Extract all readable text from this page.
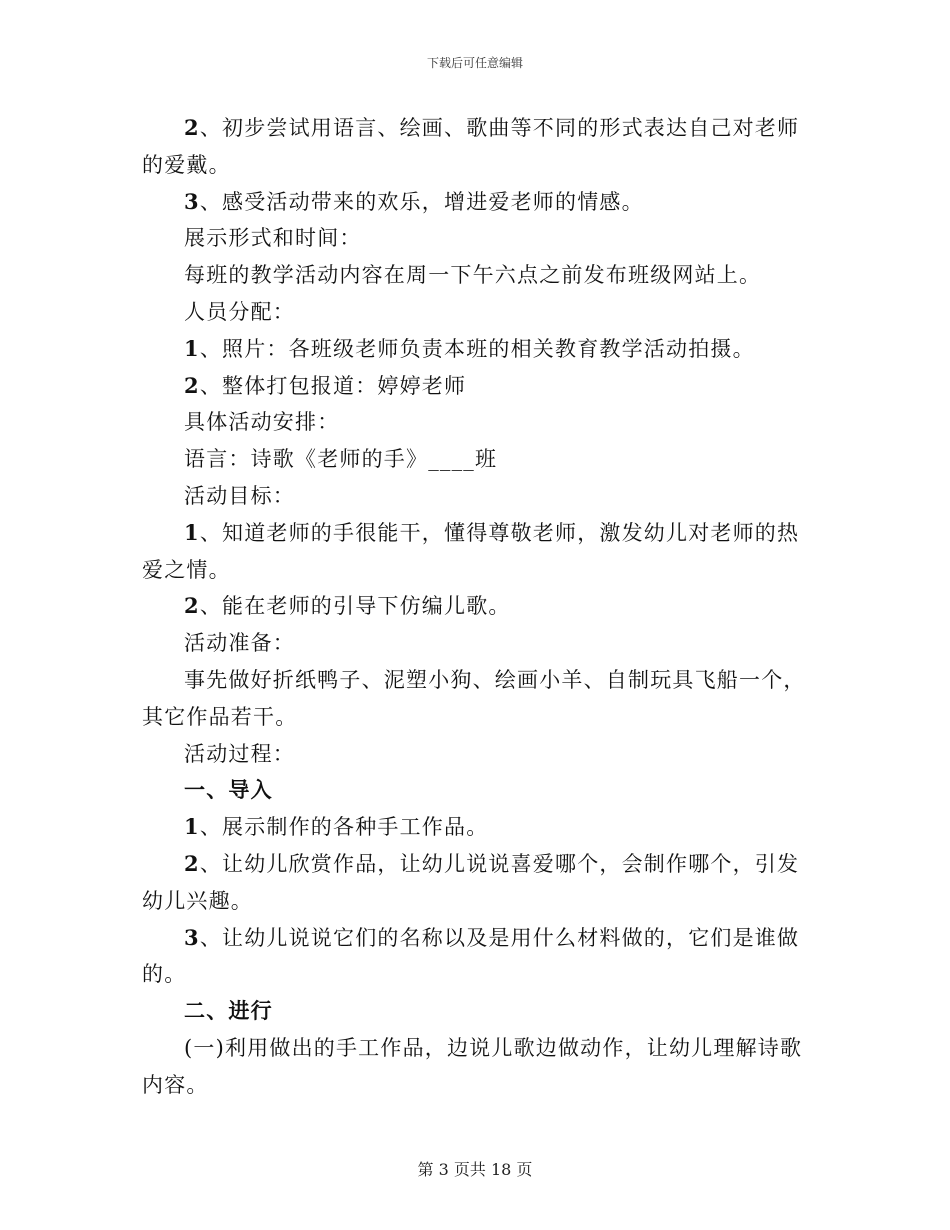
下载后可任意编辑

2、初步尝试用语言、绘画、歌曲等不同的形式表达自己对老师的爱戴。

3、感受活动带来的欢乐，增进爱老师的情感。

展示形式和时间：

每班的教学活动内容在周一下午六点之前发布班级网站上。

人员分配：

1、照片：各班级老师负责本班的相关教育教学活动拍摄。

2、整体打包报道：婷婷老师

具体活动安排：

语言：诗歌《老师的手》____班

活动目标：

1、知道老师的手很能干，懂得尊敬老师，激发幼儿对老师的热爱之情。

2、能在老师的引导下仿编儿歌。

活动准备：

事先做好折纸鸭子、泥塑小狗、绘画小羊、自制玩具飞船一个，其它作品若干。

活动过程：

一、导入

1、展示制作的各种手工作品。

2、让幼儿欣赏作品，让幼儿说说喜爱哪个，会制作哪个，引发幼儿兴趣。

3、让幼儿说说它们的名称以及是用什么材料做的，它们是谁做的。

二、进行

(一)利用做出的手工作品，边说儿歌边做动作，让幼儿理解诗歌内容。

第 3 页共 18 页
